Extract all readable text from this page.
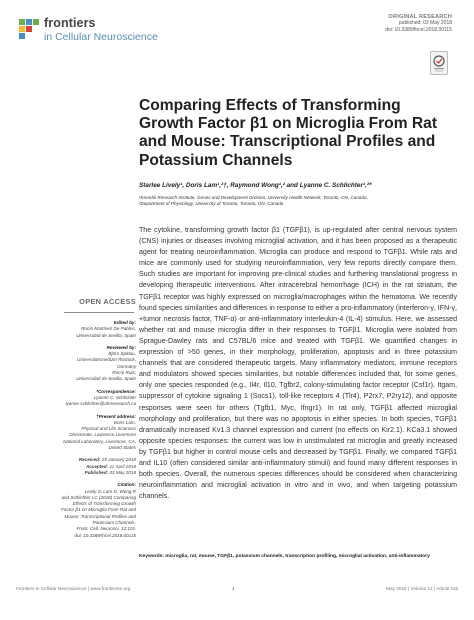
frontiers
in Cellular Neuroscience
ORIGINAL RESEARCH
published: 03 May 2018
doi: 10.3389/fncel.2018.00115
Comparing Effects of Transforming Growth Factor β1 on Microglia From Rat and Mouse: Transcriptional Profiles and Potassium Channels
Starlee Lively¹, Doris Lam¹,²†, Raymond Wong¹,² and Lyanne C. Schlichter¹,²*
¹Krembil Research Institute, Genes and Development Division, University Health Network, Toronto, ON, Canada,
²Department of Physiology, University of Toronto, Toronto, ON, Canada
The cytokine, transforming growth factor β1 (TGFβ1), is up-regulated after central nervous system (CNS) injuries or diseases involving microglial activation, and it has been proposed as a therapeutic agent for treating neuroinflammation. Microglia can produce and respond to TGFβ1. While rats and mice are commonly used for studying neuroinflammation, very few reports directly compare them. Such studies are important for improving pre-clinical studies and furthering translational progress in developing therapeutic interventions. After intracerebral hemorrhage (ICH) in the rat striatum, the TGFβ1 receptor was highly expressed on microglia/macrophages within the hematoma. We recently found species similarities and differences in response to either a pro-inflammatory (interferon-γ, IFN-γ, +tumor necrosis factor, TNF-α) or anti-inflammatory interleukin-4 (IL-4) stimulus. Here, we assessed whether rat and mouse microglia differ in their responses to TGFβ1. Microglia were isolated from Sprague-Dawley rats and C57BL/6 mice and treated with TGFβ1. We quantified changes in expression of >50 genes, in their morphology, proliferation, apoptosis and in three potassium channels that are considered therapeutic targets. Many inflammatory mediators, immune receptors and modulators showed species similarities, but notable differences included that, for some genes, only one species responded (e.g., Il4r, Il10, Tgfbr2, colony-stimulating factor receptor (Csf1r), Itgam, suppressor of cytokine signaling 1 (Socs1), toll-like receptors 4 (Tlr4), P2rx7, P2ry12), and opposite responses were seen for others (Tgfb1, Myc, Ifngr1). In rat only, TGFβ1 affected microglial morphology and proliferation, but there was no apoptosis in either species. In both species, TGFβ1 dramatically increased Kv1.3 channel expression and current (no effects on Kir2.1). KCa3.1 showed opposite species responses: the current was low in unstimulated rat microglia and greatly increased by TGFβ1 but higher in control mouse cells and decreased by TGFβ1. Finally, we compared TGFβ1 and IL10 (often considered similar anti-inflammatory stimuli) and found many different responses in both species. Overall, the numerous species differences should be considered when characterizing neuroinflammation and microglial activation in vitro and in vivo, and when targeting potassium channels.
Keywords: microglia, rat, mouse, TGFβ1, potassium channels, transcription profiling, microglial activation, anti-inflammatory
OPEN ACCESS
Edited by:
Rocío Martínez De Pablos,
Universidad de Sevilla, Spain
Reviewed by:
Björn Spittau,
Universitätsmedizin Rostock,
Germany
Rocío Ruiz,
Universidad de Sevilla, Spain
*Correspondence:
Lyanne C. Schlichter
lyanne.schlichter@uhnresearch.ca
†Present address:
Doris Lam,
Physical and Life Sciences
Directorate, Lawrence Livermore
National Laboratory, Livermore, CA,
United States
Received: 29 January 2018
Accepted: 11 April 2018
Published: 03 May 2018
Citation:
Lively S, Lam D, Wong R
and Schlichter LC (2018) Comparing
Effects of Transforming Growth
Factor β1 on Microglia From Rat and
Mouse: Transcriptional Profiles and
Potassium Channels.
Front. Cell. Neurosci. 12:115.
doi: 10.3389/fncel.2018.00115
Frontiers in Cellular Neuroscience | www.frontiersin.org	1	May 2018 | Volume 12 | Article 115
